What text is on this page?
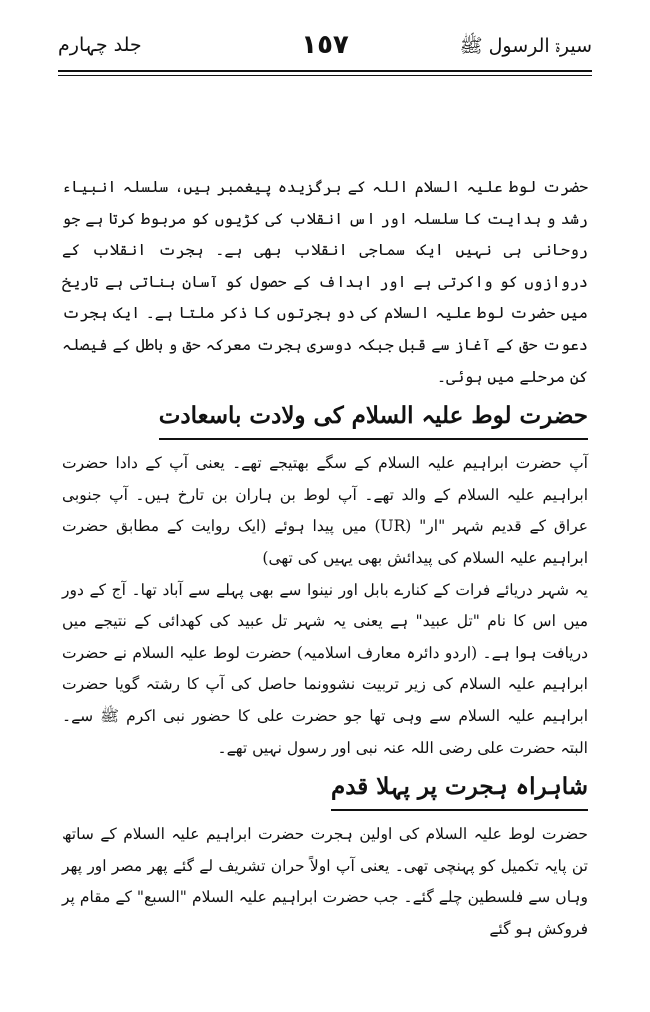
سیرۃ الرسول ﷺ
١٥٧
جلد چہارم

حضرت لوط علیہ السلام اللہ کے برگزیدہ پیغمبر ہیں، سلسلہ انبیاء رشد و ہدایت کا سلسلہ اور اس انقلاب کی کڑیوں کو مربوط کرتا ہے جو روحانی ہی نہیں ایک سماجی انقلاب بھی ہے۔ ہجرت انقلاب کے دروازوں کو واکرتی ہے اور اہداف کے حصول کو آسان بناتی ہے تاریخ میں حضرت لوط علیہ السلام کی دو ہجرتوں کا ذکر ملتا ہے۔ ایک ہجرت دعوت حق کے آغاز سے قبل جبکہ دوسری ہجرت معرکہ حق و باطل کے فیصلہ کن مرحلے میں ہوئی۔

حضرت لوط علیہ السلام کی ولادت باسعادت

آپ حضرت ابراہیم علیہ السلام کے سگے بھتیجے تھے۔ یعنی آپ کے دادا حضرت ابراہیم علیہ السلام کے والد تھے۔ آپ لوط بن ہاران بن تارخ ہیں۔ آپ جنوبی عراق کے قدیم شہر "ار" (UR) میں پیدا ہوئے (ایک روایت کے مطابق حضرت ابراہیم علیہ السلام کی پیدائش بھی یہیں کی تھی)

یہ شہر دریائے فرات کے کنارے بابل اور نینوا سے بھی پہلے سے آباد تھا۔ آج کے دور میں اس کا نام "تل عبید" ہے یعنی یہ شہر تل عبید کی کھدائی کے نتیجے میں دریافت ہوا ہے۔ (اردو دائرہ معارف اسلامیہ) حضرت لوط علیہ السلام نے حضرت ابراہیم علیہ السلام کی زیر تربیت نشوونما حاصل کی آپ کا رشتہ گویا حضرت ابراہیم علیہ السلام سے وہی تھا جو حضرت علی کا حضور نبی اکرم ﷺ سے۔ البتہ حضرت علی رضی اللہ عنہ نبی اور رسول نہیں تھے۔

شاہراہ ہجرت پر پہلا قدم

حضرت لوط علیہ السلام کی اولین ہجرت حضرت ابراہیم علیہ السلام کے ساتھ تن پایہ تکمیل کو پہنچی تھی۔ یعنی آپ اولاً حران تشریف لے گئے پھر مصر اور پھر وہاں سے فلسطین چلے گئے۔ جب حضرت ابراہیم علیہ السلام "السبع" کے مقام پر فروکش ہو گئے
